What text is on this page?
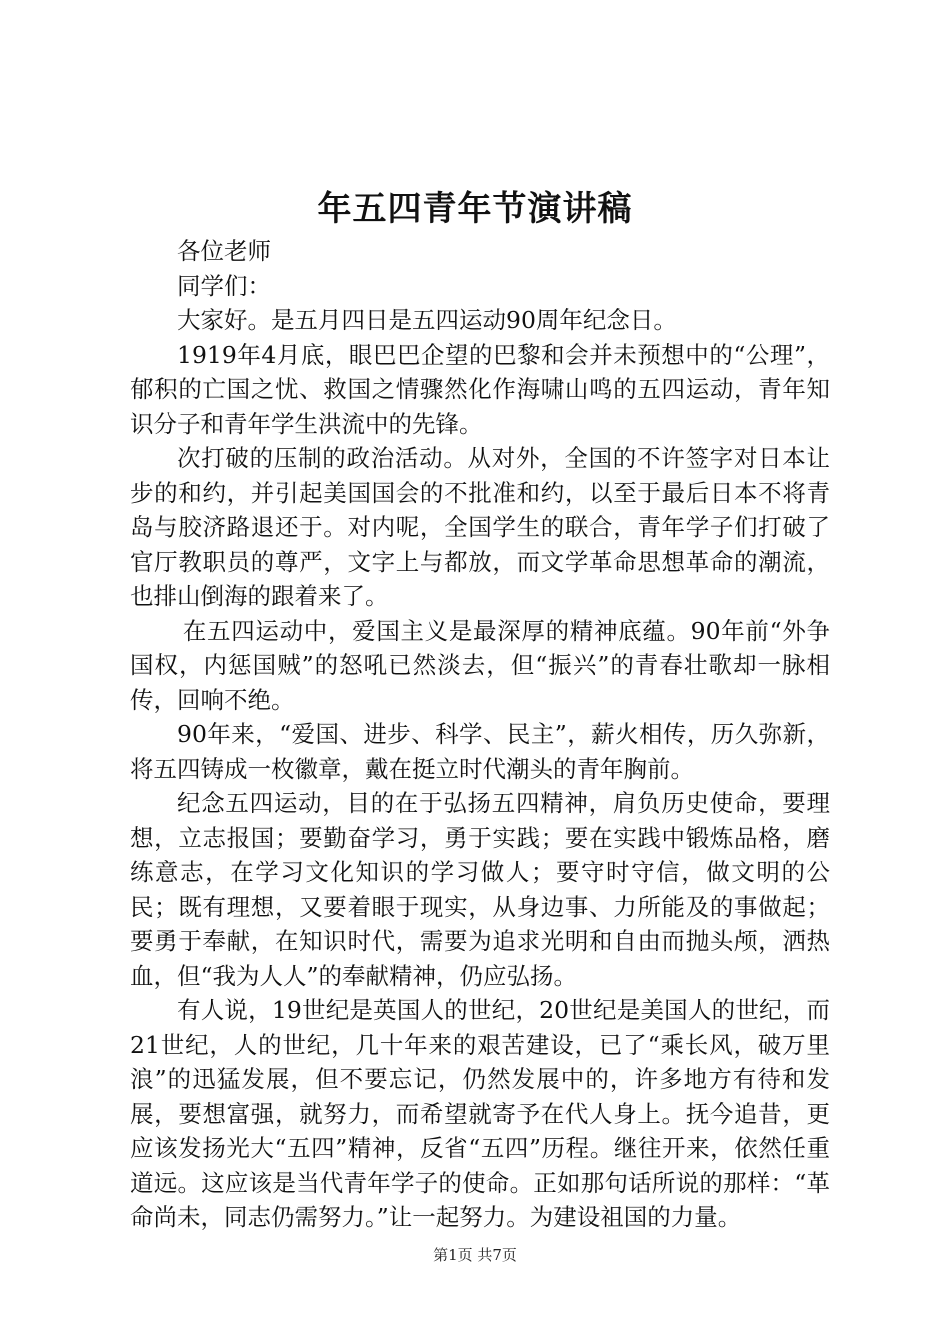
年五四青年节演讲稿

各位老师

同学们：

大家好。是五月四日是五四运动90周年纪念日。

1919年4月底，眼巴巴企望的巴黎和会并未预想中的“公理”，郁积的亡国之忧、救国之情骤然化作海啸山鸣的五四运动，青年知识分子和青年学生洪流中的先锋。

次打破的压制的政治活动。从对外，全国的不许签字对日本让步的和约，并引起美国国会的不批准和约，以至于最后日本不将青岛与胶济路退还于。对内呢，全国学生的联合，青年学子们打破了官厅教职员的尊严，文字上与都放，而文学革命思想革命的潮流，也排山倒海的跟着来了。

在五四运动中，爱国主义是最深厚的精神底蕴。90年前“外争国权，内惩国贼”的怒吼已然淡去，但“振兴”的青春壮歌却一脉相传，回响不绝。

90年来，“爱国、进步、科学、民主”，薪火相传，历久弥新，将五四铸成一枚徽章，戴在挺立时代潮头的青年胸前。

纪念五四运动，目的在于弘扬五四精神，肩负历史使命，要理想，立志报国；要勤奋学习，勇于实践；要在实践中锻炼品格，磨练意志，在学习文化知识的学习做人；要守时守信，做文明的公民；既有理想，又要着眼于现实，从身边事、力所能及的事做起；要勇于奉献，在知识时代，需要为追求光明和自由而抛头颅，洒热血，但“我为人人”的奉献精神，仍应弘扬。

有人说，19世纪是英国人的世纪，20世纪是美国人的世纪，而21世纪，人的世纪，几十年来的艰苦建设，已了“乘长风，破万里浪”的迅猛发展，但不要忘记，仍然发展中的，许多地方有待和发展，要想富强，就努力，而希望就寄予在代人身上。抚今追昔，更应该发扬光大“五四”精神，反省“五四”历程。继往开来，依然任重道远。这应该是当代青年学子的使命。正如那句话所说的那样：“革命尚未，同志仍需努力。”让一起努力。为建设祖国的力量。

第1页 共7页
